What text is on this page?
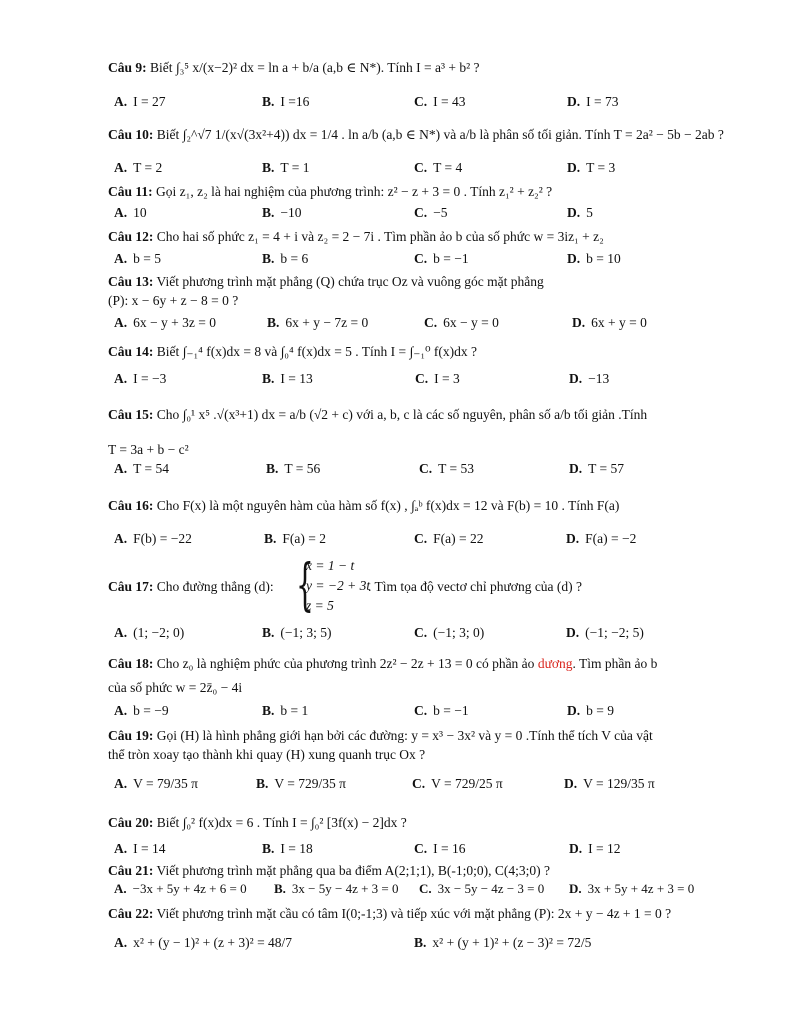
Câu 9: Biết ∫₃⁵ x/(x−2)² dx = ln a + b/a (a,b ∈ N*). Tính I = a³ + b² ?
A. I = 27	B. I =16	C. I = 43	D. I = 73
Câu 10: Biết ∫₂^√7 1/(x√(3x²+4)) dx = 1/4 . ln a/b (a,b ∈ N*) và a/b là phân số tối giản. Tính T = 2a² − 5b − 2ab ?
A. T = 2	B. T = 1	C. T = 4	D. T = 3
Câu 11: Gọi z₁, z₂ là hai nghiệm của phương trình: z² − z + 3 = 0 . Tính z₁² + z₂² ?
A. 10	B. −10	C. −5	D. 5
Câu 12: Cho hai số phức z₁ = 4 + i và z₂ = 2 − 7i . Tìm phần ảo b của số phức w = 3iz₁ + z₂
A. b = 5	B. b = 6	C. b = −1	D. b = 10
Câu 13: Viết phương trình mặt phẳng (Q) chứa trục Oz và vuông góc mặt phẳng
(P): x − 6y + z − 8 = 0 ?
A. 6x − y + 3z = 0	B. 6x + y − 7z = 0	C. 6x − y = 0	D. 6x + y = 0
Câu 14: Biết ∫₋₁⁴ f(x)dx = 8 và ∫₀⁴ f(x)dx = 5 . Tính I = ∫₋₁⁰ f(x)dx ?
A. I = −3	B. I = 13	C. I = 3	D. −13
Câu 15: Cho ∫₀¹ x⁵ .√(x³+1) dx = a/b (√2 + c) với a, b, c là các số nguyên, phân số a/b tối giản .Tính
T = 3a + b − c²
A. T = 54	B. T = 56	C. T = 53	D. T = 57
Câu 16: Cho F(x) là một nguyên hàm của hàm số f(x) , ∫ₐᵇ f(x)dx = 12 và F(b) = 10 . Tính F(a)
A. F(b) = −22	B. F(a) = 2	C. F(a) = 22	D. F(a) = −2
Câu 17: Cho đường thẳng (d): {
x = 1 − t
y = −2 + 3t
z = 5
. Tìm tọa độ vectơ chỉ phương của (d) ?
A. (1; −2; 0)	B. (−1; 3; 5)	C. (−1; 3; 0)	D. (−1; −2; 5)
Câu 18: Cho z₀ là nghiệm phức của phương trình 2z² − 2z + 13 = 0 có phần ảo dương. Tìm phần ảo b
của số phức w = 2z̄₀ − 4i
A. b = −9	B. b = 1	C. b = −1	D. b = 9
Câu 19: Gọi (H) là hình phẳng giới hạn bởi các đường: y = x³ − 3x² và y = 0 .Tính thể tích V của vật
thể tròn xoay tạo thành khi quay (H) xung quanh trục Ox ?
A. V = 79/35 π	B. V = 729/35 π	C. V = 729/25 π	D. V = 129/35 π
Câu 20: Biết ∫₀² f(x)dx = 6 . Tính I = ∫₀² [3f(x) − 2]dx ?
A. I = 14	B. I = 18	C. I = 16	D. I = 12
Câu 21: Viết phương trình mặt phẳng qua ba điểm A(2;1;1), B(-1;0;0), C(4;3;0) ?
A. −3x + 5y + 4z + 6 = 0 B. 3x − 5y − 4z + 3 = 0 C. 3x − 5y − 4z − 3 = 0 D. 3x + 5y + 4z + 3 = 0
Câu 22: Viết phương trình mặt cầu có tâm I(0;-1;3) và tiếp xúc với mặt phẳng (P): 2x + y − 4z + 1 = 0 ?
A. x² + (y − 1)² + (z + 3)² = 48/7	B. x² + (y + 1)² + (z − 3)² = 72/5
